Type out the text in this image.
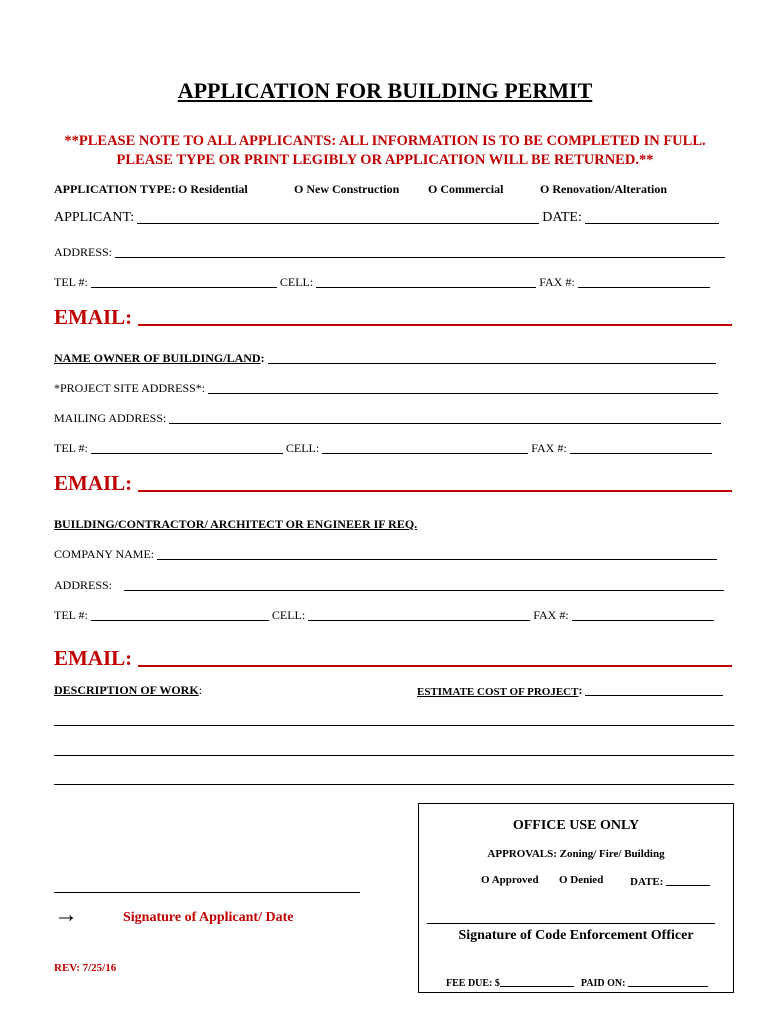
APPLICATION FOR BUILDING PERMIT
**PLEASE NOTE TO ALL APPLICANTS: ALL INFORMATION IS TO BE COMPLETED IN FULL.
PLEASE TYPE OR PRINT LEGIBLY OR APPLICATION WILL BE RETURNED.**
APPLICATION TYPE: O Residential	O New Construction O Commercial	O Renovation/Alteration
APPLICANT:	DATE:
ADDRESS:
TEL #:	CELL:	FAX #:
EMAIL:
NAME OWNER OF BUILDING/LAND :
*PROJECT SITE ADDRESS*:
MAILING ADDRESS:
TEL #:	CELL:	FAX #:
EMAIL:
BUILDING/CONTRACTOR/ ARCHITECT OR ENGINEER IF REQ.
COMPANY NAME:
ADDRESS:
TEL #:	CELL:	FAX #:
EMAIL:
DESCRIPTION OF WORK :	ESTIMATE COST OF PROJECT :
→	Signature of Applicant/ Date
REV: 7/25/16
OFFICE USE ONLY
APPROVALS: Zoning/ Fire/ Building
O Approved O Denied DATE:
Signature of Code Enforcement Officer
FEE DUE: $	PAID ON:
